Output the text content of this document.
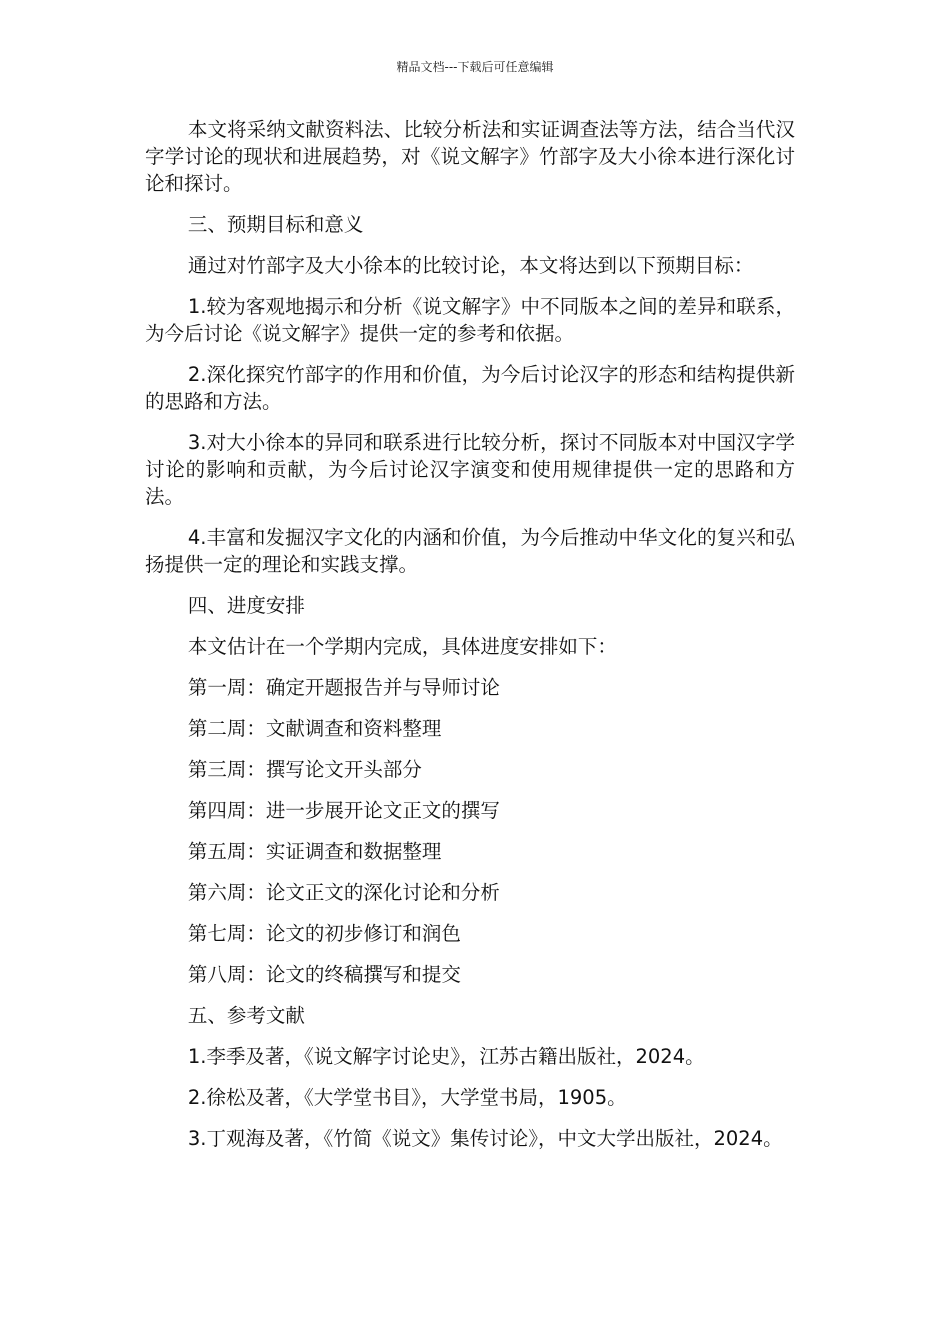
精品文档---下载后可任意编辑

本文将采纳文献资料法、比较分析法和实证调查法等方法，结合当代汉字学讨论的现状和进展趋势，对《说文解字》竹部字及大小徐本进行深化讨论和探讨。

三、预期目标和意义

通过对竹部字及大小徐本的比较讨论，本文将达到以下预期目标：

1.较为客观地揭示和分析《说文解字》中不同版本之间的差异和联系，为今后讨论《说文解字》提供一定的参考和依据。

2.深化探究竹部字的作用和价值，为今后讨论汉字的形态和结构提供新的思路和方法。

3.对大小徐本的异同和联系进行比较分析，探讨不同版本对中国汉字学讨论的影响和贡献，为今后讨论汉字演变和使用规律提供一定的思路和方法。

4.丰富和发掘汉字文化的内涵和价值，为今后推动中华文化的复兴和弘扬提供一定的理论和实践支撑。

四、进度安排

本文估计在一个学期内完成，具体进度安排如下：

第一周：确定开题报告并与导师讨论

第二周：文献调查和资料整理

第三周：撰写论文开头部分

第四周：进一步展开论文正文的撰写

第五周：实证调查和数据整理

第六周：论文正文的深化讨论和分析

第七周：论文的初步修订和润色

第八周：论文的终稿撰写和提交

五、参考文献

1.李季及著，《说文解字讨论史》，江苏古籍出版社，2024。

2.徐松及著，《大学堂书目》，大学堂书局，1905。

3.丁观海及著，《竹简《说文》集传讨论》，中文大学出版社，2024。
